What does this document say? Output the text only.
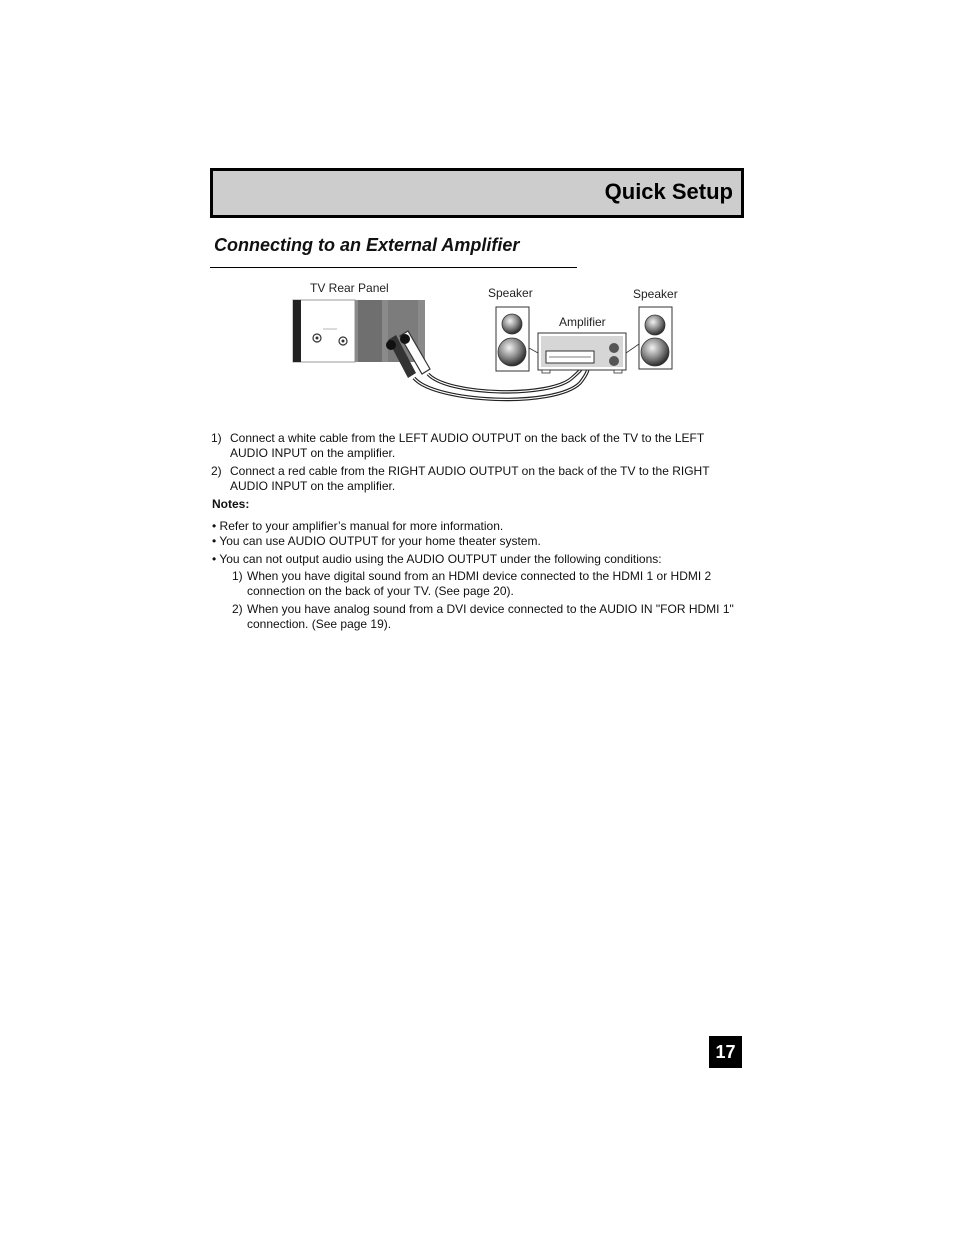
Quick Setup
Connecting to an External Amplifier
TV Rear Panel	Speaker	Speaker
Amplifier
1) Connect a white cable from the LEFT AUDIO OUTPUT on the back of the TV to the LEFT AUDIO INPUT on the amplifier.
2) Connect a red cable from the RIGHT AUDIO OUTPUT on the back of the TV to the RIGHT AUDIO INPUT on the amplifier.
Notes:
• Refer to your amplifier’s manual for more information.
• You can use AUDIO OUTPUT for your home theater system.
• You can not output audio using the AUDIO OUTPUT under the following conditions:
1) When you have digital sound from an HDMI device connected to the HDMI 1 or HDMI 2 connection on the back of your TV. (See page 20).
2) When you have analog sound from a DVI device connected to the AUDIO IN "FOR HDMI 1" connection. (See page 19).
17
